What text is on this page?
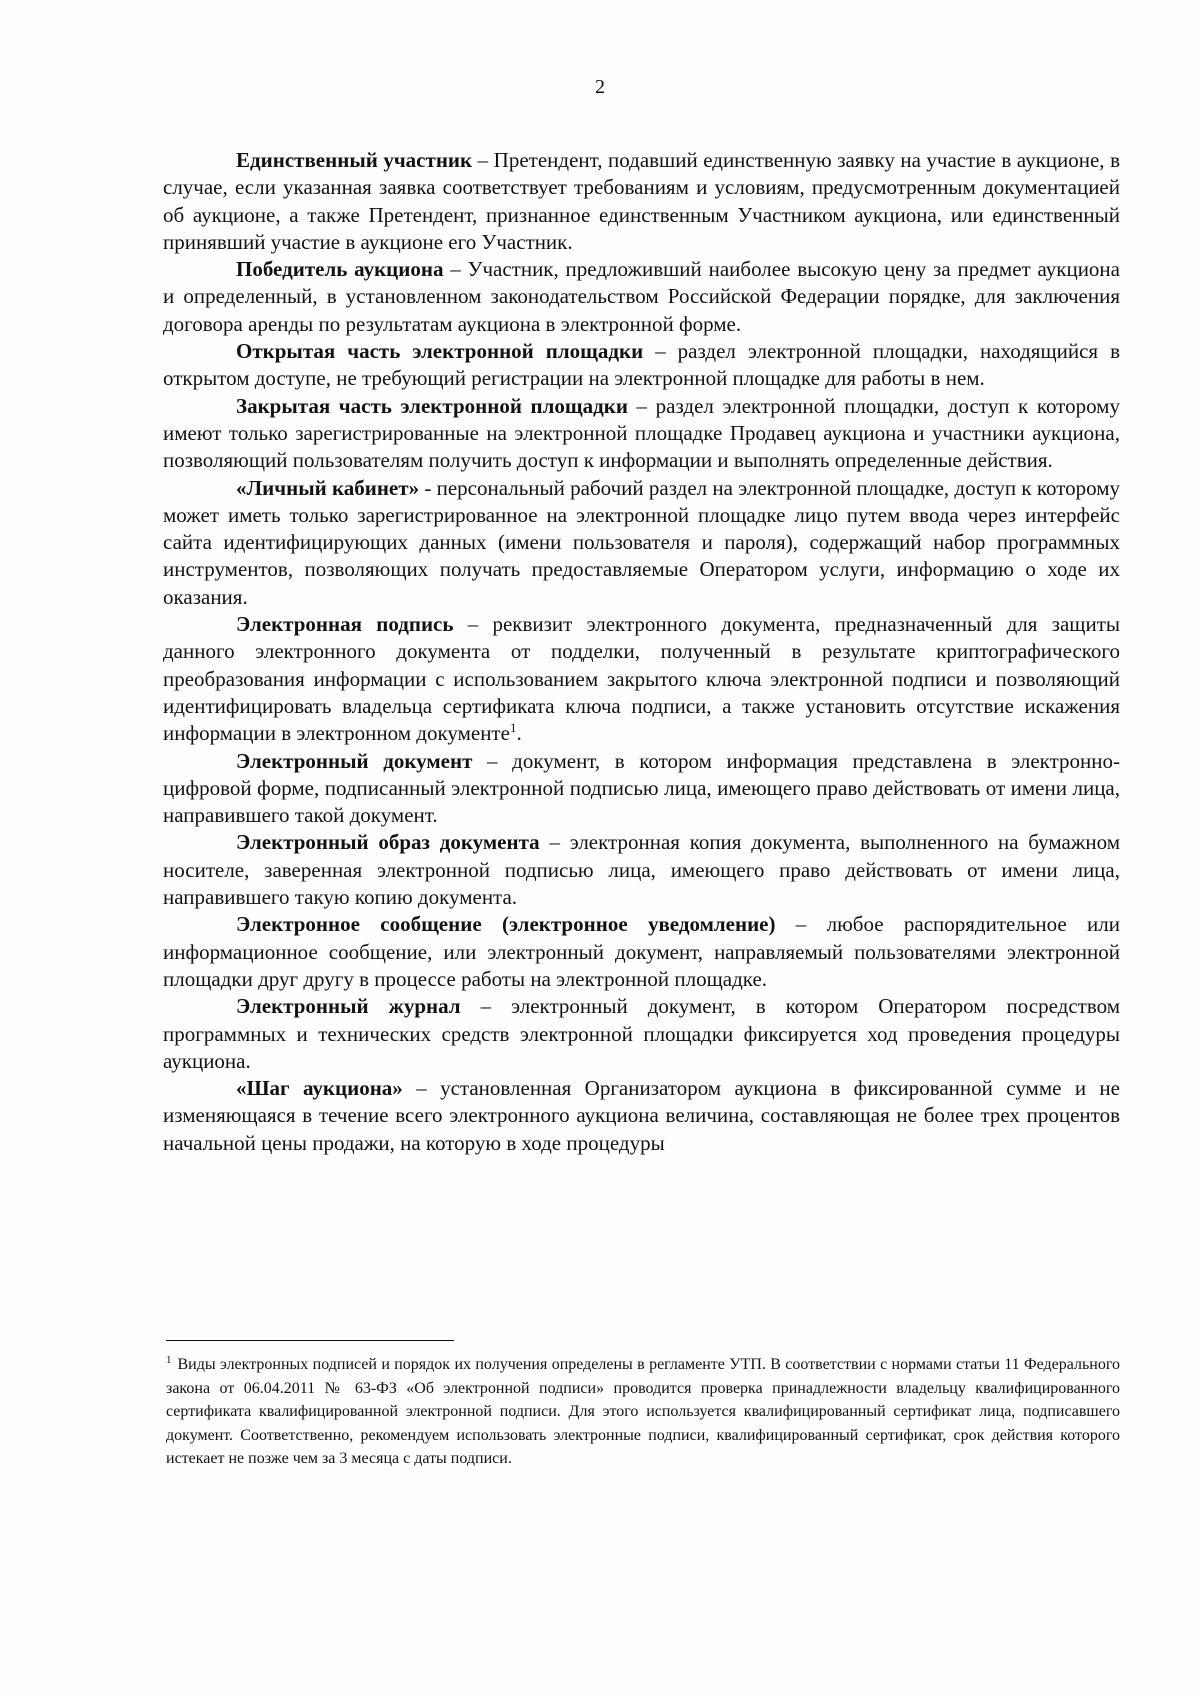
2

Единственный участник – Претендент, подавший единственную заявку на участие в аукционе, в случае, если указанная заявка соответствует требованиям и условиям, предусмотренным документацией об аукционе, а также Претендент, признанное единственным Участником аукциона, или единственный принявший участие в аукционе его Участник.

Победитель аукциона – Участник, предложивший наиболее высокую цену за предмет аукциона и определенный, в установленном законодательством Российской Федерации порядке, для заключения договора аренды по результатам аукциона в электронной форме.

Открытая часть электронной площадки – раздел электронной площадки, находящийся в открытом доступе, не требующий регистрации на электронной площадке для работы в нем.

Закрытая часть электронной площадки – раздел электронной площадки, доступ к которому имеют только зарегистрированные на электронной площадке Продавец аукциона и участники аукциона, позволяющий пользователям получить доступ к информации и выполнять определенные действия.

«Личный кабинет» - персональный рабочий раздел на электронной площадке, доступ к которому может иметь только зарегистрированное на электронной площадке лицо путем ввода через интерфейс сайта идентифицирующих данных (имени пользователя и пароля), содержащий набор программных инструментов, позволяющих получать предоставляемые Оператором услуги, информацию о ходе их оказания.

Электронная подпись – реквизит электронного документа, предназначенный для защиты данного электронного документа от подделки, полученный в результате криптографического преобразования информации с использованием закрытого ключа электронной подписи и позволяющий идентифицировать владельца сертификата ключа подписи, а также установить отсутствие искажения информации в электронном документе$^1$.

Электронный документ – документ, в котором информация представлена в электронно-цифровой форме, подписанный электронной подписью лица, имеющего право действовать от имени лица, направившего такой документ.

Электронный образ документа – электронная копия документа, выполненного на бумажном носителе, заверенная электронной подписью лица, имеющего право действовать от имени лица, направившего такую копию документа.

Электронное сообщение (электронное уведомление) – любое распорядительное или информационное сообщение, или электронный документ, направляемый пользователями электронной площадки друг другу в процессе работы на электронной площадке.

Электронный журнал – электронный документ, в котором Оператором посредством программных и технических средств электронной площадки фиксируется ход проведения процедуры аукциона.

«Шаг аукциона» – установленная Организатором аукциона в фиксированной сумме и не изменяющаяся в течение всего электронного аукциона величина, составляющая не более трех процентов начальной цены продажи, на которую в ходе процедуры

$^1$ Виды электронных подписей и порядок их получения определены в регламенте УТП. В соответствии с нормами статьи 11 Федерального закона от 06.04.2011 № 63-ФЗ «Об электронной подписи» проводится проверка принадлежности владельцу квалифицированного сертификата квалифицированной электронной подписи. Для этого используется квалифицированный сертификат лица, подписавшего документ. Соответственно, рекомендуем использовать электронные подписи, квалифицированный сертификат, срок действия которого истекает не позже чем за 3 месяца с даты подписи.
